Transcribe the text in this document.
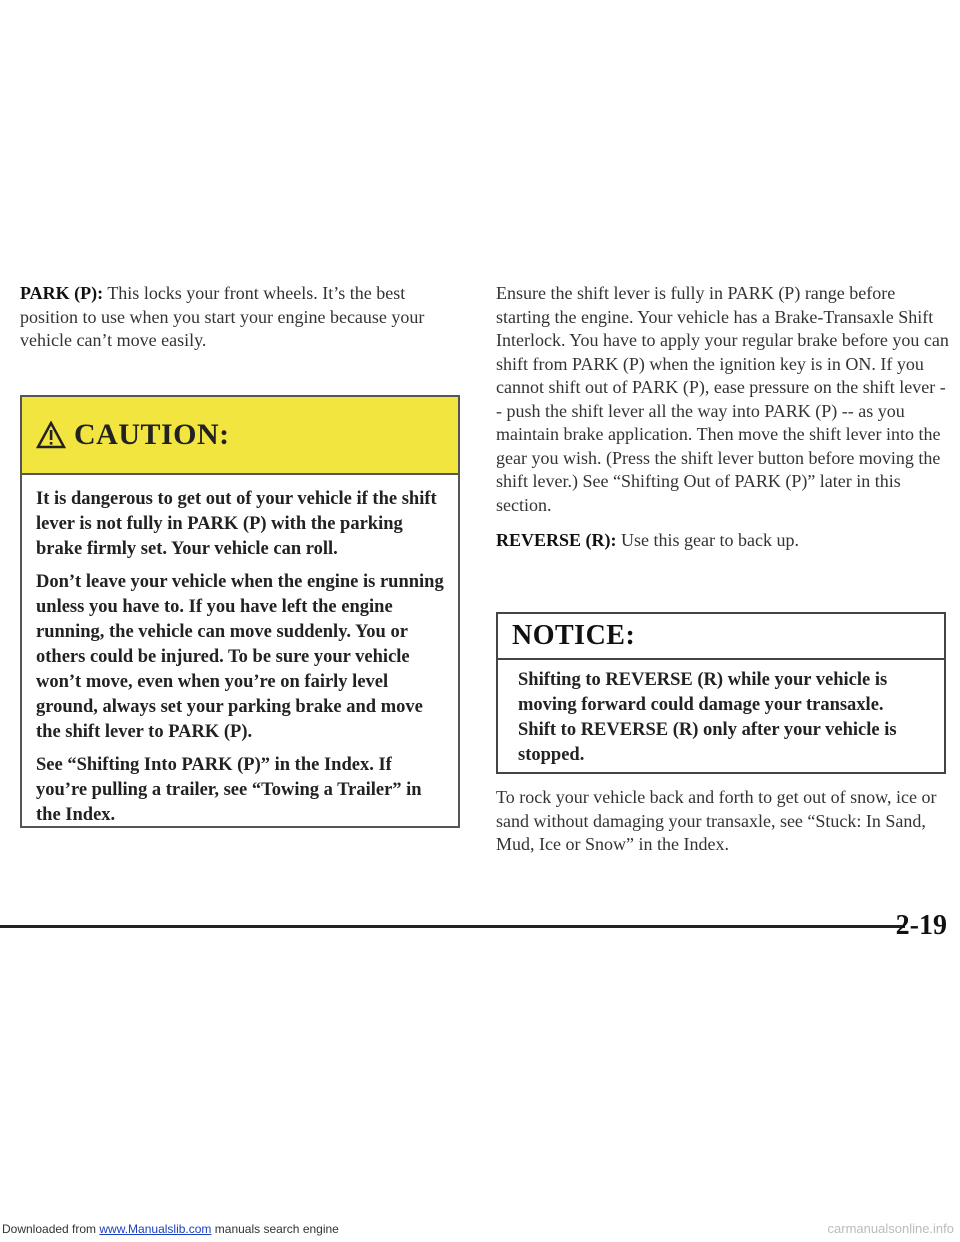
PARK (P): This locks your front wheels. It’s the best position to use when you start your engine because your vehicle can’t move easily.

CAUTION:

It is dangerous to get out of your vehicle if the shift lever is not fully in PARK (P) with the parking brake firmly set. Your vehicle can roll.

Don’t leave your vehicle when the engine is running unless you have to. If you have left the engine running, the vehicle can move suddenly. You or others could be injured. To be sure your vehicle won’t move, even when you’re on fairly level ground, always set your parking brake and move the shift lever to PARK (P).

See “Shifting Into PARK (P)” in the Index. If you’re pulling a trailer, see “Towing a Trailer” in the Index.

Ensure the shift lever is fully in PARK (P) range before starting the engine. Your vehicle has a Brake-Transaxle Shift Interlock. You have to apply your regular brake before you can shift from PARK (P) when the ignition key is in ON. If you cannot shift out of PARK (P), ease pressure on the shift lever -- push the shift lever all the way into PARK (P) -- as you maintain brake application. Then move the shift lever into the gear you wish. (Press the shift lever button before moving the shift lever.) See “Shifting Out of PARK (P)” later in this section.

REVERSE (R): Use this gear to back up.

NOTICE:

Shifting to REVERSE (R) while your vehicle is moving forward could damage your transaxle. Shift to REVERSE (R) only after your vehicle is stopped.

To rock your vehicle back and forth to get out of snow, ice or sand without damaging your transaxle, see “Stuck: In Sand, Mud, Ice or Snow” in the Index.

2-19
Downloaded from www.Manualslib.com manuals search engine	carmanualsonline.info
